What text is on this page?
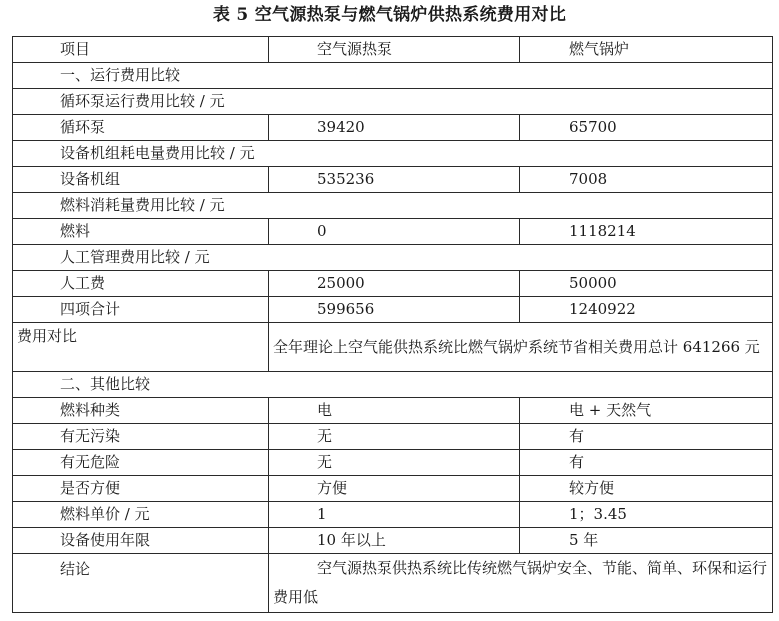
表 5 空气源热泵与燃气锅炉供热系统费用对比
项目	空气源热泵	燃气锅炉
一、运行费用比较		
循环泵运行费用比较 / 元		
循环泵	39420	65700
设备机组耗电量费用比较 / 元		
设备机组	535236	7008
燃料消耗量费用比较 / 元		
燃料	0	1118214
人工管理费用比较 / 元		
人工费	25000	50000
四项合计	599656	1240922
费用对比	全年理论上空气能供热系统比燃气锅炉系统节省相关费用总计 641266 元	
二、其他比较		
燃料种类	电	电 + 天然气
有无污染	无	有
有无危险	无	有
是否方便	方便	较方便
燃料单价 / 元	1	1；3.45
设备使用年限	10 年以上	5 年
结论	空气源热泵供热系统比传统燃气锅炉安全、节能、简单、环保和运行费用低	
